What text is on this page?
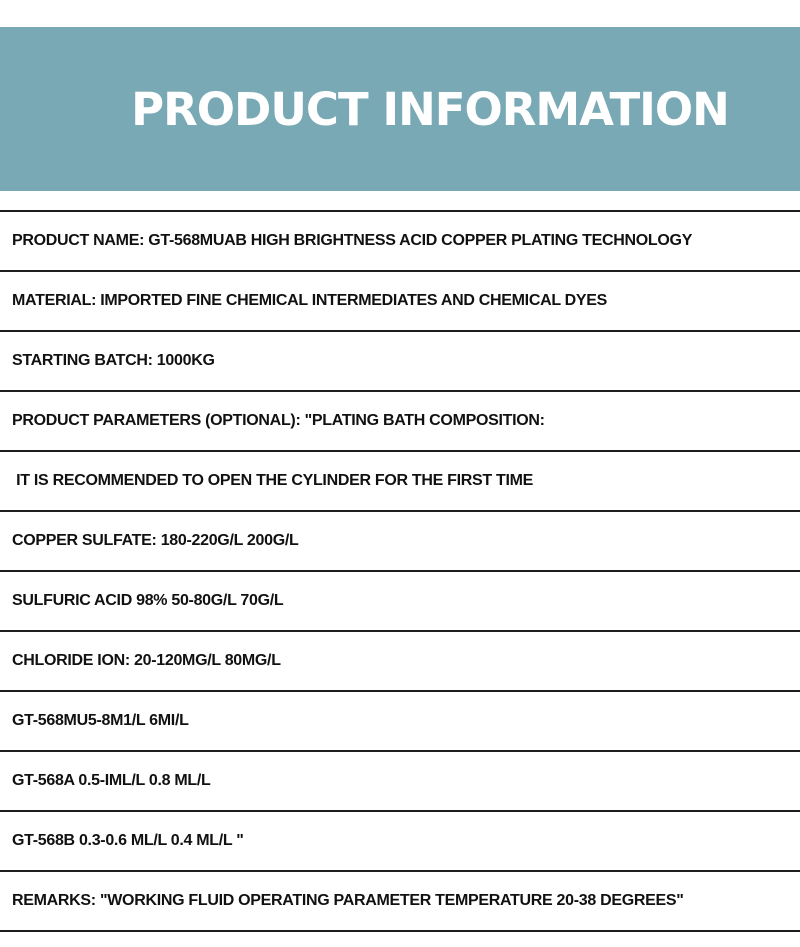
PRODUCT INFORMATION
PRODUCT NAME: GT-568MUAB HIGH BRIGHTNESS ACID COPPER PLATING TECHNOLOGY
MATERIAL: IMPORTED FINE CHEMICAL INTERMEDIATES AND CHEMICAL DYES
STARTING BATCH: 1000KG
PRODUCT PARAMETERS (OPTIONAL): "PLATING BATH COMPOSITION:
IT IS RECOMMENDED TO OPEN THE CYLINDER FOR THE FIRST TIME
COPPER SULFATE: 180-220G/L 200G/L
SULFURIC ACID 98% 50-80G/L 70G/L
CHLORIDE ION: 20-120MG/L 80MG/L
GT-568MU5-8M1/L 6MI/L
GT-568A 0.5-IML/L 0.8 ML/L
GT-568B 0.3-0.6 ML/L 0.4 ML/L "
REMARKS: "WORKING FLUID OPERATING PARAMETER TEMPERATURE 20-38 DEGREES"
